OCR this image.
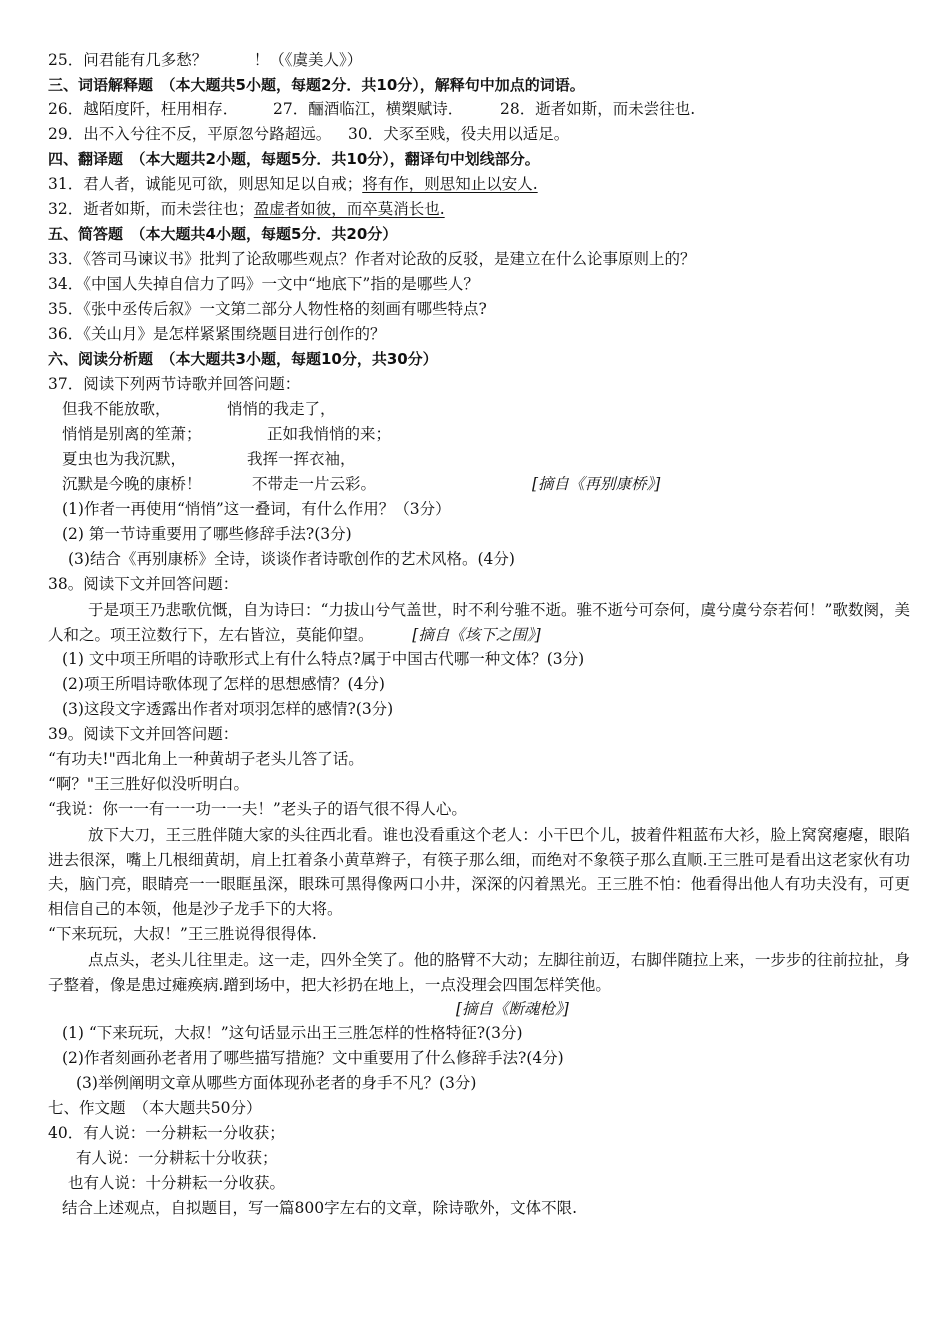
25．问君能有几多愁？　　　！（《虞美人》）
三、词语解释题　（本大题共5小题，每题2分．共10分），解释句中加点的词语。
26．越陌度阡，枉用相存． 27．酾酒临江，横槊赋诗． 28．逝者如斯，而未尝往也.
29．出不入兮往不反，平原忽兮路超远。 30．犬豕至贱，役夫用以适足。
四、翻译题　（本大题共2小题，每题5分．共10分），翻译句中划线部分。
31．君人者，诚能见可欲，则思知足以自戒；将有作，则思知止以安人.
32．逝者如斯，而未尝往也；盈虚者如彼，而卒莫消长也.
五、简答题　（本大题共4小题，每题5分．共20分）
33．《答司马谏议书》批判了论敌哪些观点？作者对论敌的反驳，是建立在什么论事原则上的？
34．《中国人失掉自信力了吗》一文中“地底下”指的是哪些人？
35．《张中丞传后叙》一文第二部分人物性格的刻画有哪些特点?
36．《关山月》是怎样紧紧围绕题目进行创作的？
六、阅读分析题　（本大题共3小题，每题10分，共30分）
37．阅读下列两节诗歌并回答问题：
但我不能放歌，	悄悄的我走了，
悄悄是别离的笙萧；	正如我悄悄的来；
夏虫也为我沉默，	我挥一挥衣袖，
沉默是今晚的康桥！	不带走一片云彩。	[摘自《再别康桥》]
(1)作者一再使用“悄悄”这一叠词，有什么作用？（3分）
(2) 第一节诗重要用了哪些修辞手法?(3分)
(3)结合《再别康桥》全诗，谈谈作者诗歌创作的艺术风格。(4分)
38。阅读下文并回答问题：
于是项王乃悲歌伉慨，自为诗曰：“力拔山兮气盖世，时不利兮骓不逝。骓不逝兮可奈何，虞兮虞兮奈若何！”歌数阕，美人和之。项王泣数行下，左右皆泣，莫能仰望。　　　	[摘自《垓下之围》]
(1) 文中项王所唱的诗歌形式上有什么特点?属于中国古代哪一种文体？(3分)
(2)项王所唱诗歌体现了怎样的思想感情？(4分)
(3)这段文字透露出作者对项羽怎样的感情?(3分)
39。阅读下文并回答问题：
“有功夫!"西北角上一种黄胡子老头儿答了话。
“啊？"王三胜好似没听明白。
“我说：你一一有一一功一一夫！”老头子的语气很不得人心。
放下大刀，王三胜伴随大家的头往西北看。谁也没看重这个老人：小干巴个儿，披着件粗蓝布大衫，脸上窝窝瘪瘪，眼陷进去很深，嘴上几根细黄胡，肩上扛着条小黄草辫子，有筷子那么细，而绝对不象筷子那么直顺.王三胜可是看出这老家伙有功夫，脑门亮，眼睛亮一一眼眶虽深，眼珠可黑得像两口小井，深深的闪着黑光。王三胜不怕：他看得出他人有功夫没有，可更相信自己的本领，他是沙子龙手下的大将。
“下来玩玩，大叔！”王三胜说得很得体.
点点头，老头儿往里走。这一走，四外全笑了。他的胳臂不大动；左脚往前迈，右脚伴随拉上来，一步步的往前拉扯，身子整着，像是患过瘫痪病.蹭到场中，把大衫扔在地上，一点没理会四围怎样笑他。
[摘自《断魂枪》]
(1) “下来玩玩，大叔！”这句话显示出王三胜怎样的性格特征?(3分)
(2)作者刻画孙老者用了哪些描写措施？文中重要用了什么修辞手法?(4分)
(3)举例阐明文章从哪些方面体现孙老者的身手不凡？(3分)
七、作文题　（本大题共50分）
40．有人说：一分耕耘一分收获；
有人说：一分耕耘十分收获；
也有人说：十分耕耘一分收获。
结合上述观点，自拟题目，写一篇800字左右的文章，除诗歌外，文体不限.
